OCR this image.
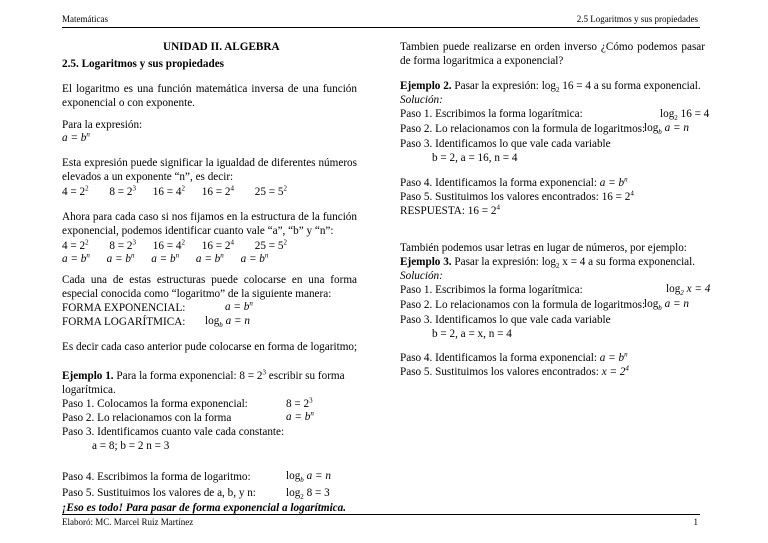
Matemáticas	2.5 Logaritmos y sus propiedades
UNIDAD II. ALGEBRA
2.5. Logaritmos y sus propiedades
El logaritmo es una función matemática inversa de una función exponencial o con exponente.
Para la expresión:
$a = b^n$
Esta expresión puede significar la igualdad de diferentes números elevados a un exponente “n”, es decir:
$4 = 2^2$ $8 = 2^3$ $16 = 4^2$ $16 = 2^4$ $25 = 5^2$
Ahora para cada caso si nos fijamos en la estructura de la función exponencial, podemos identificar cuanto vale “a”, “b” y “n”:
$4 = 2^2$ $8 = 2^3$ $16 = 4^2$ $16 = 2^4$ $25 = 5^2$
$a = b^n$ $a = b^n$ $a = b^n$ $a = b^n$ $a = b^n$
Cada una de estas estructuras puede colocarse en una forma especial conocida como “logaritmo” de la siguiente manera:
FORMA EXPONENCIAL:	$a = b^n$
FORMA LOGARÍTMICA: $\log_b a = n$
Es decir cada caso anterior pude colocarse en forma de logaritmo;
Ejemplo 1. Para la forma exponencial: $8 = 2^3$ escribir su forma
logarítmica.
Paso 1. Colocamos la forma exponencial:	$8 = 2^3$
Paso 2. Lo relacionamos con la forma	$a = b^n$
Paso 3. Identificamos cuanto vale cada constante:
a = 8; b = 2 n = 3
Paso 4. Escribimos la forma de logaritmo:	$\log_b a = n$
Paso 5. Sustituimos los valores de a, b, y n:	$\log_2 8 = 3$
¡Eso es todo! Para pasar de forma exponencial a logarítmica.
Tambien puede realizarse en orden inverso ¿Cómo podemos pasar de forma logaritmica a exponencial?
Ejemplo 2. Pasar la expresión: $\log_2 16 = 4$ a su forma exponencial.
Solución:
Paso 1. Escribimos la forma logarítmica:	$\log_2 16 = 4$
Paso 2. Lo relacionamos con la formula de logaritmos:
$\log_b a = n$
Paso 3. Identificamos lo que vale cada variable
b = 2, a = 16, n = 4
Paso 4. Identificamos la forma exponencial: $a = b^n$
Paso 5. Sustituimos los valores encontrados: $16 = 2^4$
RESPUESTA: $16 = 2^4$
También podemos usar letras en lugar de números, por ejemplo:
Ejemplo 3. Pasar la expresión: $\log_2 x = 4$ a su forma exponencial.
Solución:
Paso 1. Escribimos la forma logarítmica:	$\log_2 x = 4$
Paso 2. Lo relacionamos con la formula de logaritmos:
$\log_b a = n$
Paso 3. Identificamos lo que vale cada variable
b = 2, a = x, n = 4
Paso 4. Identificamos la forma exponencial: $a = b^n$
Paso 5. Sustituimos los valores encontrados: $x = 2^4$
Elaboró: MC. Marcel Ruiz Martínez	1
